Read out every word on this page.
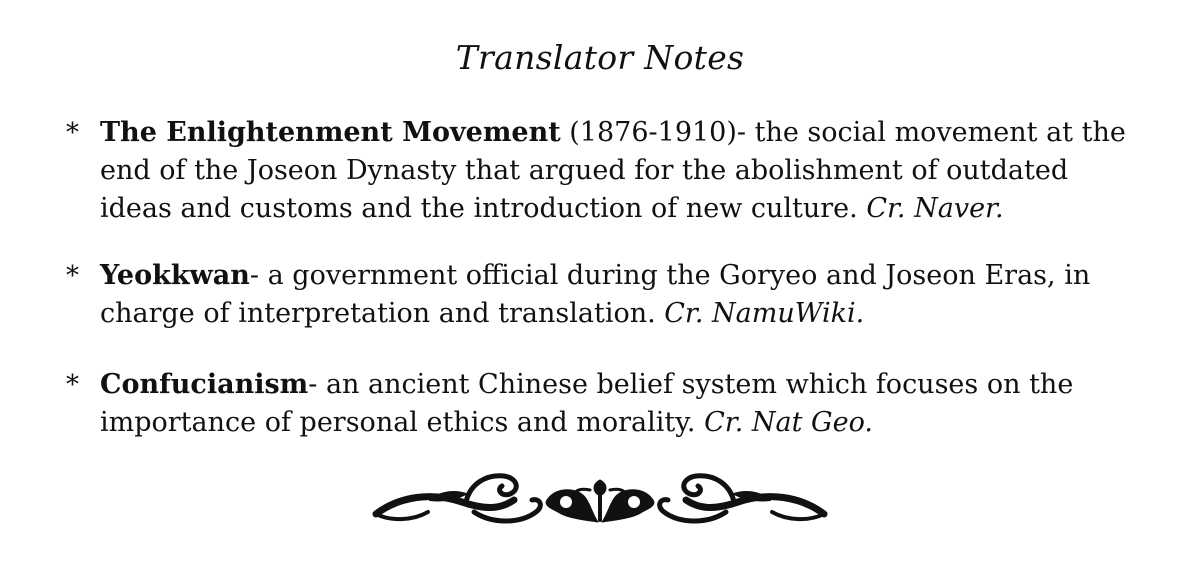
Translator Notes
* The Enlightenment Movement (1876-1910)- the social movement at the end of the Joseon Dynasty that argued for the abolishment of outdated ideas and customs and the introduction of new culture. Cr. Naver.
* Yeokkwan- a government official during the Goryeo and Joseon Eras, in charge of interpretation and translation. Cr. NamuWiki.
* Confucianism- an ancient Chinese belief system which focuses on the importance of personal ethics and morality. Cr. Nat Geo.
